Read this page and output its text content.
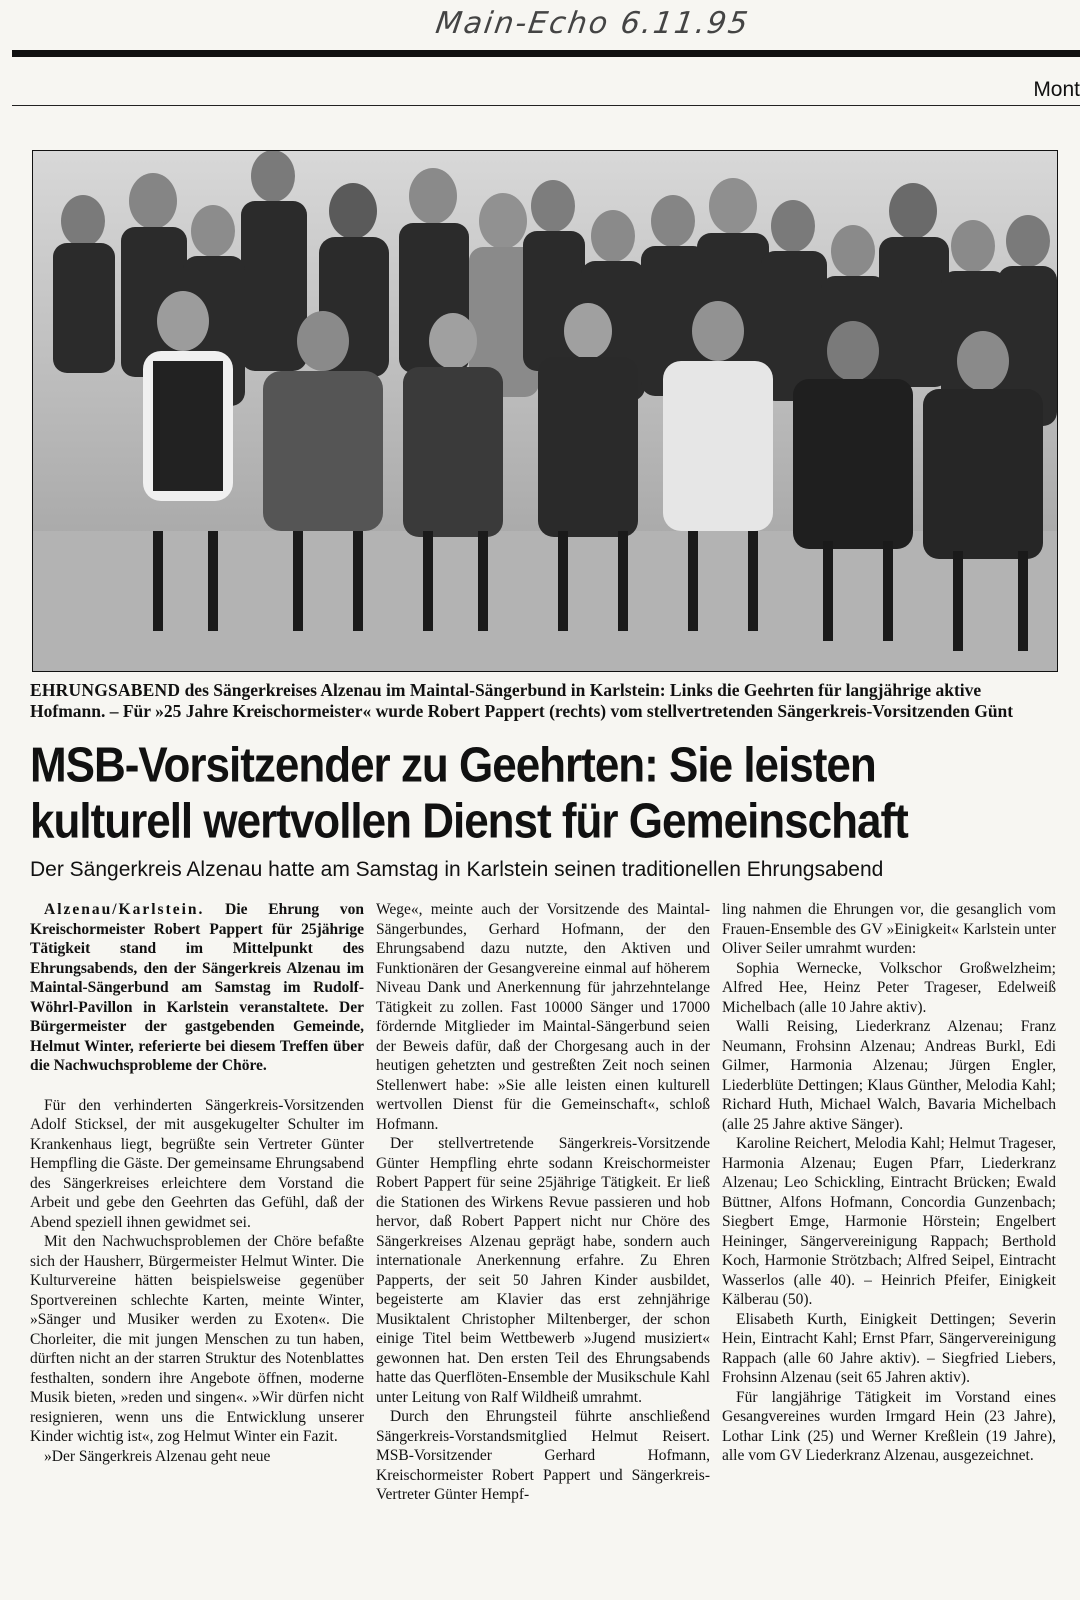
Main-Echo 6.11.95
Mont
EHRUNGSABEND des Sängerkreises Alzenau im Maintal-Sängerbund in Karlstein: Links die Geehrten für langjährige aktive
Hofmann. – Für »25 Jahre Kreischormeister« wurde Robert Pappert (rechts) vom stellvertretenden Sängerkreis-Vorsitzenden Günt
MSB-Vorsitzender zu Geehrten: Sie leisten
kulturell wertvollen Dienst für Gemeinschaft
Der Sängerkreis Alzenau hatte am Samstag in Karlstein seinen traditionellen Ehrungsabend

Alzenau/Karlstein. Die Ehrung von Kreischormeister Robert Pappert für 25jährige Tätigkeit stand im Mittelpunkt des Ehrungsabends, den der Sängerkreis Alzenau im Maintal-Sängerbund am Samstag im Rudolf-Wöhrl-Pavillon in Karlstein veranstaltete. Der Bürgermeister der gastgebenden Gemeinde, Helmut Winter, referierte bei diesem Treffen über die Nachwuchsprobleme der Chöre.

Für den verhinderten Sängerkreis-Vorsitzenden Adolf Sticksel, der mit ausgekugelter Schulter im Krankenhaus liegt, begrüßte sein Vertreter Günter Hempfling die Gäste. Der gemeinsame Ehrungsabend des Sängerkreises erleichtere dem Vorstand die Arbeit und gebe den Geehrten das Gefühl, daß der Abend speziell ihnen gewidmet sei.

Mit den Nachwuchsproblemen der Chöre befaßte sich der Hausherr, Bürgermeister Helmut Winter. Die Kulturvereine hätten beispielsweise gegenüber Sportvereinen schlechte Karten, meinte Winter, »Sänger und Musiker werden zu Exoten«. Die Chorleiter, die mit jungen Menschen zu tun haben, dürften nicht an der starren Struktur des Notenblattes festhalten, sondern ihre Angebote öffnen, moderne Musik bieten, »reden und singen«. »Wir dürfen nicht resignieren, wenn uns die Entwicklung unserer Kinder wichtig ist«, zog Helmut Winter ein Fazit.

»Der Sängerkreis Alzenau geht neue

Wege«, meinte auch der Vorsitzende des Maintal-Sängerbundes, Gerhard Hofmann, der den Ehrungsabend dazu nutzte, den Aktiven und Funktionären der Gesangvereine einmal auf höherem Niveau Dank und Anerkennung für jahrzehntelange Tätigkeit zu zollen. Fast 10000 Sänger und 17000 fördernde Mitglieder im Maintal-Sängerbund seien der Beweis dafür, daß der Chorgesang auch in der heutigen gehetzten und gestreßten Zeit noch seinen Stellenwert habe: »Sie alle leisten einen kulturell wertvollen Dienst für die Gemeinschaft«, schloß Hofmann.

Der stellvertretende Sängerkreis-Vorsitzende Günter Hempfling ehrte sodann Kreischormeister Robert Pappert für seine 25jährige Tätigkeit. Er ließ die Stationen des Wirkens Revue passieren und hob hervor, daß Robert Pappert nicht nur Chöre des Sängerkreises Alzenau geprägt habe, sondern auch internationale Anerkennung erfahre. Zu Ehren Papperts, der seit 50 Jahren Kinder ausbildet, begeisterte am Klavier das erst zehnjährige Musiktalent Christopher Miltenberger, der schon einige Titel beim Wettbewerb »Jugend musiziert« gewonnen hat. Den ersten Teil des Ehrungsabends hatte das Querflöten-Ensemble der Musikschule Kahl unter Leitung von Ralf Wildheiß umrahmt.

Durch den Ehrungsteil führte anschließend Sängerkreis-Vorstandsmitglied Helmut Reisert. MSB-Vorsitzender Gerhard Hofmann, Kreischormeister Robert Pappert und Sängerkreis-Vertreter Günter Hempf-

ling nahmen die Ehrungen vor, die gesanglich vom Frauen-Ensemble des GV »Einigkeit« Karlstein unter Oliver Seiler umrahmt wurden:

Sophia Wernecke, Volkschor Großwelzheim; Alfred Hee, Heinz Peter Trageser, Edelweiß Michelbach (alle 10 Jahre aktiv).

Walli Reising, Liederkranz Alzenau; Franz Neumann, Frohsinn Alzenau; Andreas Burkl, Edi Gilmer, Harmonia Alzenau; Jürgen Engler, Liederblüte Dettingen; Klaus Günther, Melodia Kahl; Richard Huth, Michael Walch, Bavaria Michelbach (alle 25 Jahre aktive Sänger).

Karoline Reichert, Melodia Kahl; Helmut Trageser, Harmonia Alzenau; Eugen Pfarr, Liederkranz Alzenau; Leo Schickling, Eintracht Brücken; Ewald Büttner, Alfons Hofmann, Concordia Gunzenbach; Siegbert Emge, Harmonie Hörstein; Engelbert Heininger, Sängervereinigung Rappach; Berthold Koch, Harmonie Strötzbach; Alfred Seipel, Eintracht Wasserlos (alle 40). – Heinrich Pfeifer, Einigkeit Kälberau (50).

Elisabeth Kurth, Einigkeit Dettingen; Severin Hein, Eintracht Kahl; Ernst Pfarr, Sängervereinigung Rappach (alle 60 Jahre aktiv). – Siegfried Liebers, Frohsinn Alzenau (seit 65 Jahren aktiv).

Für langjährige Tätigkeit im Vorstand eines Gesangvereines wurden Irmgard Hein (23 Jahre), Lothar Link (25) und Werner Kreßlein (19 Jahre), alle vom GV Liederkranz Alzenau, ausgezeichnet.
